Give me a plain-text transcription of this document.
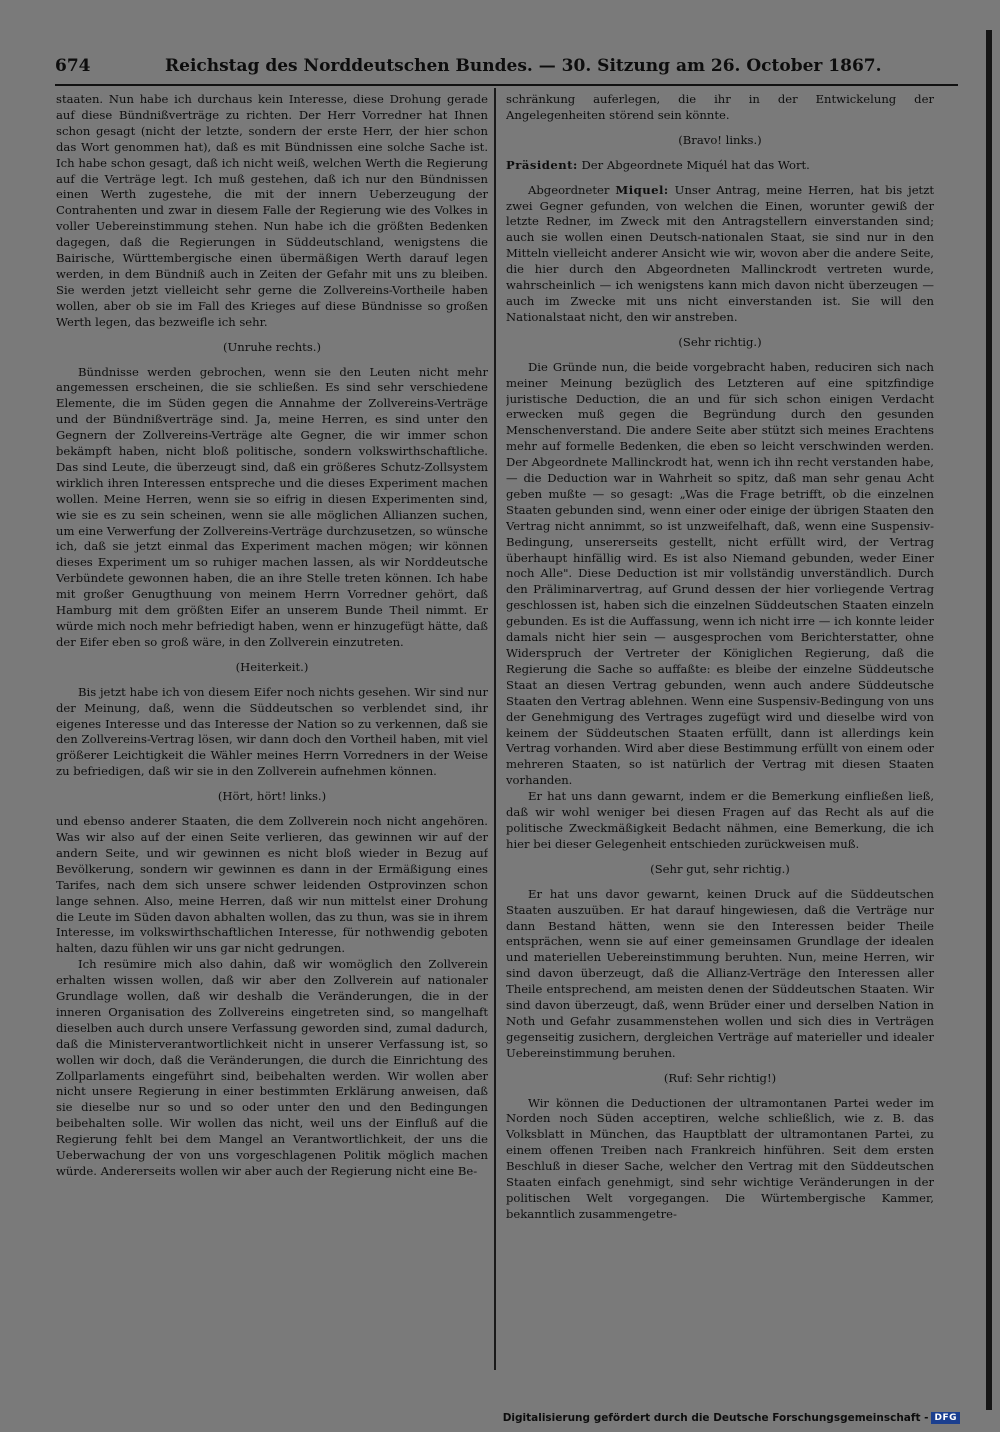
674	Reichstag des Norddeutschen Bundes. — 30. Sitzung am 26. October 1867.

staaten. Nun habe ich durchaus kein Interesse, diese Drohung gerade auf diese Bündnißverträge zu richten. Der Herr Vorredner hat Ihnen schon gesagt (nicht der letzte, sondern der erste Herr, der hier schon das Wort genommen hat), daß es mit Bündnissen eine solche Sache ist. Ich habe schon gesagt, daß ich nicht weiß, welchen Werth die Regierung auf die Verträge legt. Ich muß gestehen, daß ich nur den Bündnissen einen Werth zugestehe, die mit der innern Ueberzeugung der Contrahenten und zwar in diesem Falle der Regierung wie des Volkes in voller Uebereinstimmung stehen. Nun habe ich die größten Bedenken dagegen, daß die Regierungen in Süddeutschland, wenigstens die Bairische, Württembergische einen übermäßigen Werth darauf legen werden, in dem Bündniß auch in Zeiten der Gefahr mit uns zu bleiben. Sie werden jetzt vielleicht sehr gerne die Zollvereins-Vortheile haben wollen, aber ob sie im Fall des Krieges auf diese Bündnisse so großen Werth legen, das bezweifle ich sehr.

(Unruhe rechts.)

Bündnisse werden gebrochen, wenn sie den Leuten nicht mehr angemessen erscheinen, die sie schließen. Es sind sehr verschiedene Elemente, die im Süden gegen die Annahme der Zollvereins-Verträge und der Bündnißverträge sind. Ja, meine Herren, es sind unter den Gegnern der Zollvereins-Verträge alte Gegner, die wir immer schon bekämpft haben, nicht bloß politische, sondern volkswirthschaftliche. Das sind Leute, die überzeugt sind, daß ein größeres Schutz-Zollsystem wirklich ihren Interessen entspreche und die dieses Experiment machen wollen. Meine Herren, wenn sie so eifrig in diesen Experimenten sind, wie sie es zu sein scheinen, wenn sie alle möglichen Allianzen suchen, um eine Verwerfung der Zollvereins-Verträge durchzusetzen, so wünsche ich, daß sie jetzt einmal das Experiment machen mögen; wir können dieses Experiment um so ruhiger machen lassen, als wir Norddeutsche Verbündete gewonnen haben, die an ihre Stelle treten können. Ich habe mit großer Genugthuung von meinem Herrn Vorredner gehört, daß Hamburg mit dem größten Eifer an unserem Bunde Theil nimmt. Er würde mich noch mehr befriedigt haben, wenn er hinzugefügt hätte, daß der Eifer eben so groß wäre, in den Zollverein einzutreten.

(Heiterkeit.)

Bis jetzt habe ich von diesem Eifer noch nichts gesehen. Wir sind nur der Meinung, daß, wenn die Süddeutschen so verblendet sind, ihr eigenes Interesse und das Interesse der Nation so zu verkennen, daß sie den Zollvereins-Vertrag lösen, wir dann doch den Vortheil haben, mit viel größerer Leichtigkeit die Wähler meines Herrn Vorredners in der Weise zu befriedigen, daß wir sie in den Zollverein aufnehmen können.

(Hört, hört! links.)

und ebenso anderer Staaten, die dem Zollverein noch nicht angehören. Was wir also auf der einen Seite verlieren, das gewinnen wir auf der andern Seite, und wir gewinnen es nicht bloß wieder in Bezug auf Bevölkerung, sondern wir gewinnen es dann in der Ermäßigung eines Tarifes, nach dem sich unsere schwer leidenden Ostprovinzen schon lange sehnen. Also, meine Herren, daß wir nun mittelst einer Drohung die Leute im Süden davon abhalten wollen, das zu thun, was sie in ihrem Interesse, im volkswirthschaftlichen Interesse, für nothwendig geboten halten, dazu fühlen wir uns gar nicht gedrungen.

Ich resümire mich also dahin, daß wir womöglich den Zollverein erhalten wissen wollen, daß wir aber den Zollverein auf nationaler Grundlage wollen, daß wir deshalb die Veränderungen, die in der inneren Organisation des Zollvereins eingetreten sind, so mangelhaft dieselben auch durch unsere Verfassung geworden sind, zumal dadurch, daß die Ministerverantwortlichkeit nicht in unserer Verfassung ist, so wollen wir doch, daß die Veränderungen, die durch die Einrichtung des Zollparlaments eingeführt sind, beibehalten werden. Wir wollen aber nicht unsere Regierung in einer bestimmten Erklärung anweisen, daß sie dieselbe nur so und so oder unter den und den Bedingungen beibehalten solle. Wir wollen das nicht, weil uns der Einfluß auf die Regierung fehlt bei dem Mangel an Verantwortlichkeit, der uns die Ueberwachung der von uns vorgeschlagenen Politik möglich machen würde. Andererseits wollen wir aber auch der Regierung nicht eine Be-

schränkung auferlegen, die ihr in der Entwickelung der Angelegenheiten störend sein könnte.

(Bravo! links.)

Präsident: Der Abgeordnete Miquél hat das Wort.

Abgeordneter Miquel: Unser Antrag, meine Herren, hat bis jetzt zwei Gegner gefunden, von welchen die Einen, worunter gewiß der letzte Redner, im Zweck mit den Antragstellern einverstanden sind; auch sie wollen einen Deutsch-nationalen Staat, sie sind nur in den Mitteln vielleicht anderer Ansicht wie wir, wovon aber die andere Seite, die hier durch den Abgeordneten Mallinckrodt vertreten wurde, wahrscheinlich — ich wenigstens kann mich davon nicht überzeugen — auch im Zwecke mit uns nicht einverstanden ist. Sie will den Nationalstaat nicht, den wir anstreben.

(Sehr richtig.)

Die Gründe nun, die beide vorgebracht haben, reduciren sich nach meiner Meinung bezüglich des Letzteren auf eine spitzfindige juristische Deduction, die an und für sich schon einigen Verdacht erwecken muß gegen die Begründung durch den gesunden Menschenverstand. Die andere Seite aber stützt sich meines Erachtens mehr auf formelle Bedenken, die eben so leicht verschwinden werden. Der Abgeordnete Mallinckrodt hat, wenn ich ihn recht verstanden habe, — die Deduction war in Wahrheit so spitz, daß man sehr genau Acht geben mußte — so gesagt: „Was die Frage betrifft, ob die einzelnen Staaten gebunden sind, wenn einer oder einige der übrigen Staaten den Vertrag nicht annimmt, so ist unzweifelhaft, daß, wenn eine Suspensiv-Bedingung, unsererseits gestellt, nicht erfüllt wird, der Vertrag überhaupt hinfällig wird. Es ist also Niemand gebunden, weder Einer noch Alle". Diese Deduction ist mir vollständig unverständlich. Durch den Präliminarvertrag, auf Grund dessen der hier vorliegende Vertrag geschlossen ist, haben sich die einzelnen Süddeutschen Staaten einzeln gebunden. Es ist die Auffassung, wenn ich nicht irre — ich konnte leider damals nicht hier sein — ausgesprochen vom Berichterstatter, ohne Widerspruch der Vertreter der Königlichen Regierung, daß die Regierung die Sache so auffaßte: es bleibe der einzelne Süddeutsche Staat an diesen Vertrag gebunden, wenn auch andere Süddeutsche Staaten den Vertrag ablehnen. Wenn eine Suspensiv-Bedingung von uns der Genehmigung des Vertrages zugefügt wird und dieselbe wird von keinem der Süddeutschen Staaten erfüllt, dann ist allerdings kein Vertrag vorhanden. Wird aber diese Bestimmung erfüllt von einem oder mehreren Staaten, so ist natürlich der Vertrag mit diesen Staaten vorhanden.

Er hat uns dann gewarnt, indem er die Bemerkung einfließen ließ, daß wir wohl weniger bei diesen Fragen auf das Recht als auf die politische Zweckmäßigkeit Bedacht nähmen, eine Bemerkung, die ich hier bei dieser Gelegenheit entschieden zurückweisen muß.

(Sehr gut, sehr richtig.)

Er hat uns davor gewarnt, keinen Druck auf die Süddeutschen Staaten auszuüben. Er hat darauf hingewiesen, daß die Verträge nur dann Bestand hätten, wenn sie den Interessen beider Theile entsprächen, wenn sie auf einer gemeinsamen Grundlage der idealen und materiellen Uebereinstimmung beruhten. Nun, meine Herren, wir sind davon überzeugt, daß die Allianz-Verträge den Interessen aller Theile entsprechend, am meisten denen der Süddeutschen Staaten. Wir sind davon überzeugt, daß, wenn Brüder einer und derselben Nation in Noth und Gefahr zusammenstehen wollen und sich dies in Verträgen gegenseitig zusichern, dergleichen Verträge auf materieller und idealer Uebereinstimmung beruhen.

(Ruf: Sehr richtig!)

Wir können die Deductionen der ultramontanen Partei weder im Norden noch Süden acceptiren, welche schließlich, wie z. B. das Volksblatt in München, das Hauptblatt der ultramontanen Partei, zu einem offenen Treiben nach Frankreich hinführen. Seit dem ersten Beschluß in dieser Sache, welcher den Vertrag mit den Süddeutschen Staaten einfach genehmigt, sind sehr wichtige Veränderungen in der politischen Welt vorgegangen. Die Würtembergische Kammer, bekanntlich zusammengetre-

Digitalisierung gefördert durch die Deutsche Forschungsgemeinschaft - DFG
